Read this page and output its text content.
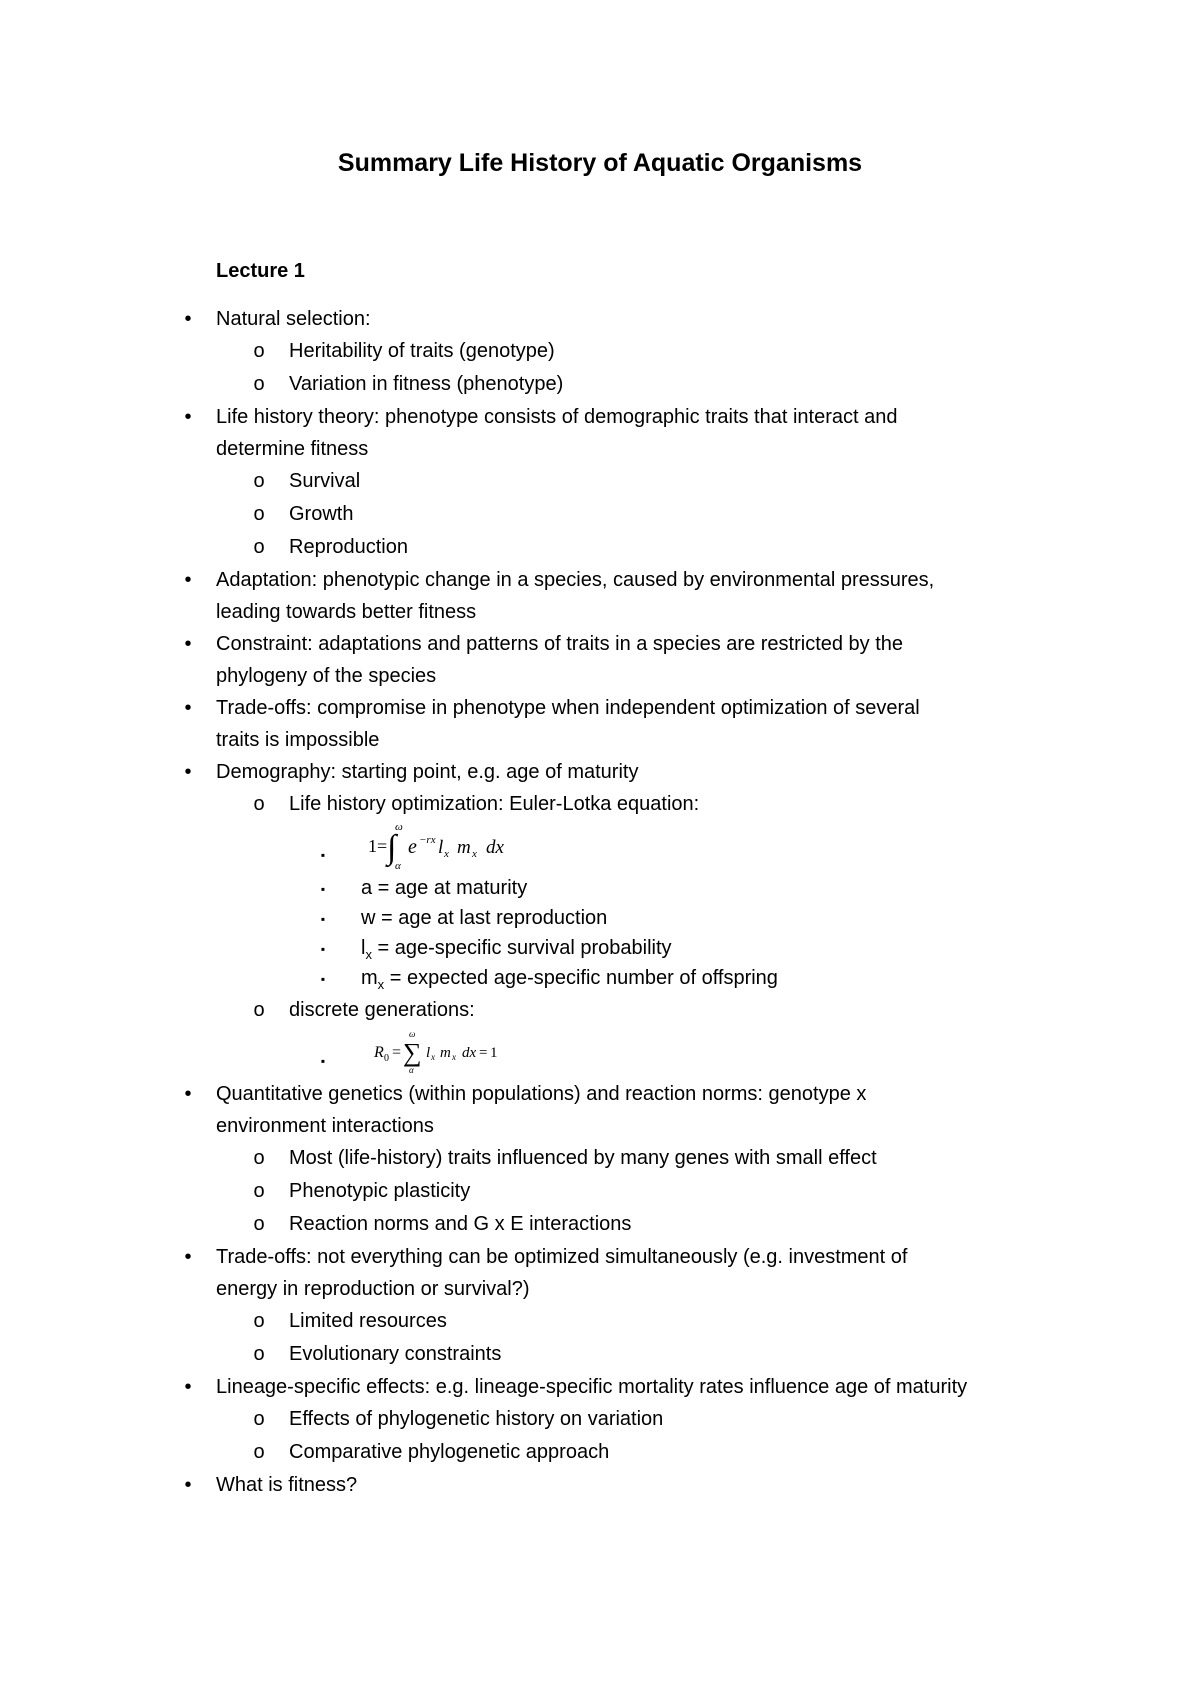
Summary Life History of Aquatic Organisms
Lecture 1
•	Natural selection:
o Heritability of traits (genotype)
o Variation in fitness (phenotype)
•	Life history theory: phenotype consists of demographic traits that interact and
determine fitness
o Survival
o Growth
o Reproduction
•	Adaptation: phenotypic change in a species, caused by environmental pressures,
leading towards better fitness
•	Constraint: adaptations and patterns of traits in a species are restricted by the
phylogeny of the species
•	Trade-offs: compromise in phenotype when independent optimization of several
traits is impossible
•	Demography: starting point, e.g. age of maturity
o Life history optimization: Euler-Lotka equation:
▪	1 = ∫
ω
α
e −rx l x m x dx
▪	a = age at maturity
▪	w = age at last reproduction
▪	$l_x$ = age-specific survival probability
▪	$m_x$ = expected age-specific number of offspring
o discrete generations:
▪	R 0 = ∑
ω
α
l x m x dx = 1
•	Quantitative genetics (within populations) and reaction norms: genotype x
environment interactions
o Most (life-history) traits influenced by many genes with small effect
o Phenotypic plasticity
o Reaction norms and G x E interactions
•	Trade-offs: not everything can be optimized simultaneously (e.g. investment of
energy in reproduction or survival?)
o Limited resources
o Evolutionary constraints
•	Lineage-specific effects: e.g. lineage-specific mortality rates influence age of maturity
o Effects of phylogenetic history on variation
o Comparative phylogenetic approach
•	What is fitness?
